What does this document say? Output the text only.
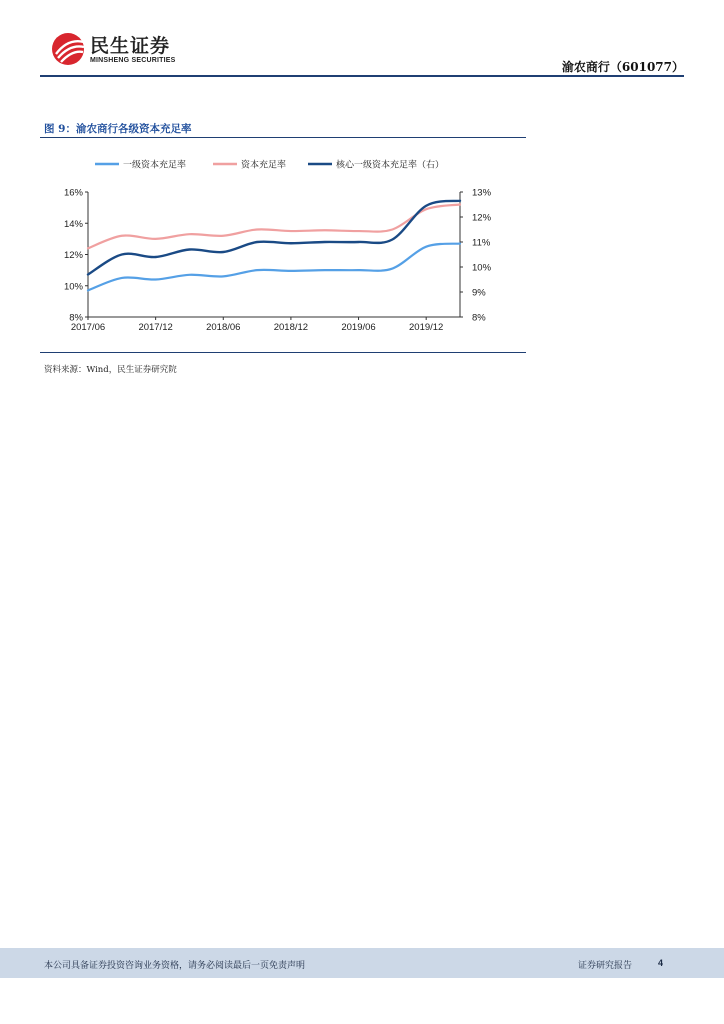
民生证券
MINSHENG SECURITIES	渝农商行（601077）
图 9：渝农商行各级资本充足率
一级资本充足率	资本充足率	核心一级资本充足率（右）
8%
10%
12%
14%
16%
8%
9%
10%
11%
12%
13%
2017/06	2017/12	2018/06	2018/12	2019/06	2019/12
资料来源：Wind，民生证券研究院
本公司具备证券投资咨询业务资格，请务必阅读最后一页免责声明	证券研究报告	4
